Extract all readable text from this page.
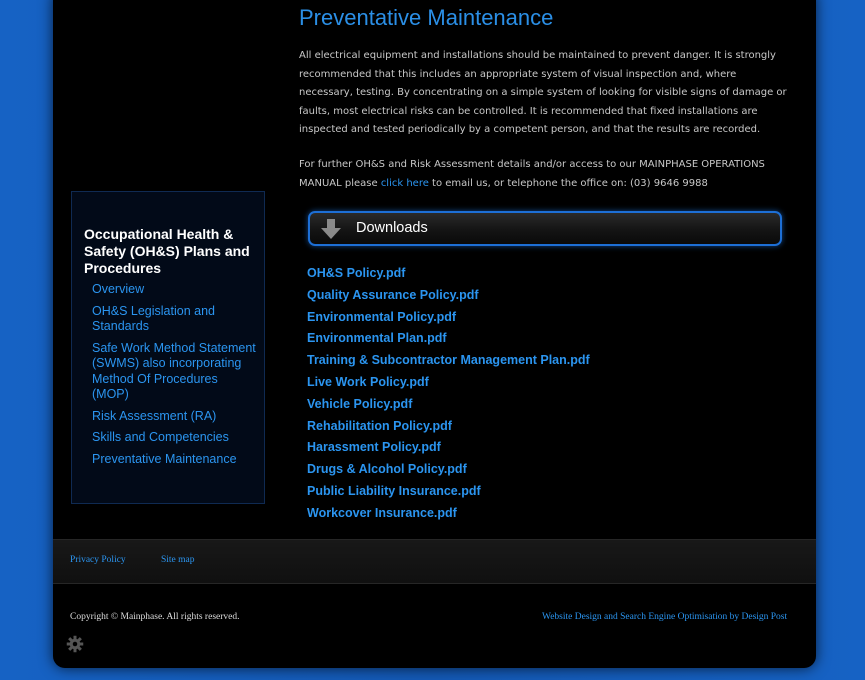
Preventative Maintenance

All electrical equipment and installations should be maintained to prevent danger. It is strongly recommended that this includes an appropriate system of visual inspection and, where necessary, testing. By concentrating on a simple system of looking for visible signs of damage or faults, most electrical risks can be controlled. It is recommended that fixed installations are inspected and tested periodically by a competent person, and that the results are recorded.

For further OH&S and Risk Assessment details and/or access to our MAINPHASE OPERATIONS MANUAL please click here to email us, or telephone the office on: (03) 9646 9988

Occupational Health & Safety (OH&S) Plans and Procedures
Overview
OH&S Legislation and Standards
Safe Work Method Statement (SWMS) also incorporating Method Of Procedures (MOP)
Risk Assessment (RA)
Skills and Competencies
Preventative Maintenance
Downloads
OH&S Policy.pdf
Quality Assurance Policy.pdf
Environmental Policy.pdf
Environmental Plan.pdf
Training & Subcontractor Management Plan.pdf
Live Work Policy.pdf
Vehicle Policy.pdf
Rehabilitation Policy.pdf
Harassment Policy.pdf
Drugs & Alcohol Policy.pdf
Public Liability Insurance.pdf
Workcover Insurance.pdf
Privacy Policy	Site map
Copyright © Mainphase. All rights reserved.	Website Design and Search Engine Optimisation by Design Post
